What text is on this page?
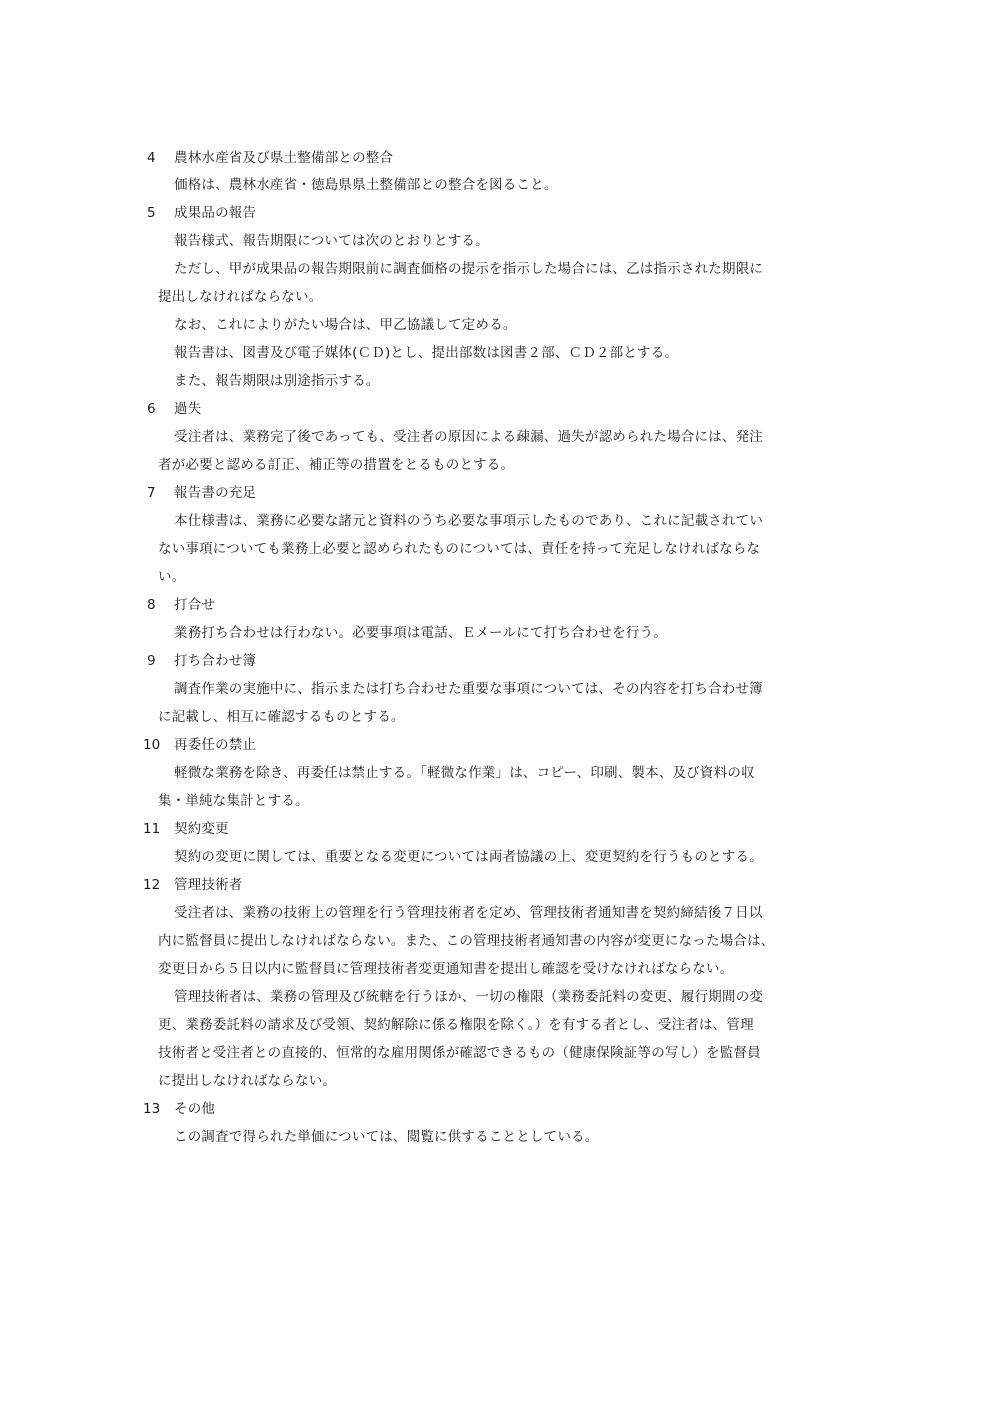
4 農林水産省及び県土整備部との整合
価格は、農林水産省・徳島県県土整備部との整合を図ること。
5 成果品の報告
報告様式、報告期限については次のとおりとする。
ただし、甲が成果品の報告期限前に調査価格の提示を指示した場合には、乙は指示された期限に
提出しなければならない。
なお、これによりがたい場合は、甲乙協議して定める。
報告書は、図書及び電子媒体(ＣＤ)とし、提出部数は図書２部、ＣＤ２部とする。
また、報告期限は別途指示する。
6 過失
受注者は、業務完了後であっても、受注者の原因による疎漏、過失が認められた場合には、発注
者が必要と認める訂正、補正等の措置をとるものとする。
7 報告書の充足
本仕様書は、業務に必要な諸元と資料のうち必要な事項示したものであり、これに記載されてい
ない事項についても業務上必要と認められたものについては、責任を持って充足しなければならな
い。
8 打合せ
業務打ち合わせは行わない。必要事項は電話、Ｅメールにて打ち合わせを行う。
9 打ち合わせ簿
調査作業の実施中に、指示または打ち合わせた重要な事項については、その内容を打ち合わせ簿
に記載し、相互に確認するものとする。
10 再委任の禁止
軽微な業務を除き、再委任は禁止する。「軽微な作業」は、コピー、印刷、製本、及び資料の収
集・単純な集計とする。
11 契約変更
契約の変更に関しては、重要となる変更については両者協議の上、変更契約を行うものとする。
12 管理技術者
受注者は、業務の技術上の管理を行う管理技術者を定め、管理技術者通知書を契約締結後７日以
内に監督員に提出しなければならない。また、この管理技術者通知書の内容が変更になった場合は、
変更日から５日以内に監督員に管理技術者変更通知書を提出し確認を受けなければならない。
管理技術者は、業務の管理及び統轄を行うほか、一切の権限（業務委託料の変更、履行期間の変
更、業務委託料の請求及び受領、契約解除に係る権限を除く。）を有する者とし、受注者は、管理
技術者と受注者との直接的、恒常的な雇用関係が確認できるもの（健康保険証等の写し）を監督員
に提出しなければならない。
13 その他
この調査で得られた単価については、閲覧に供することとしている。
